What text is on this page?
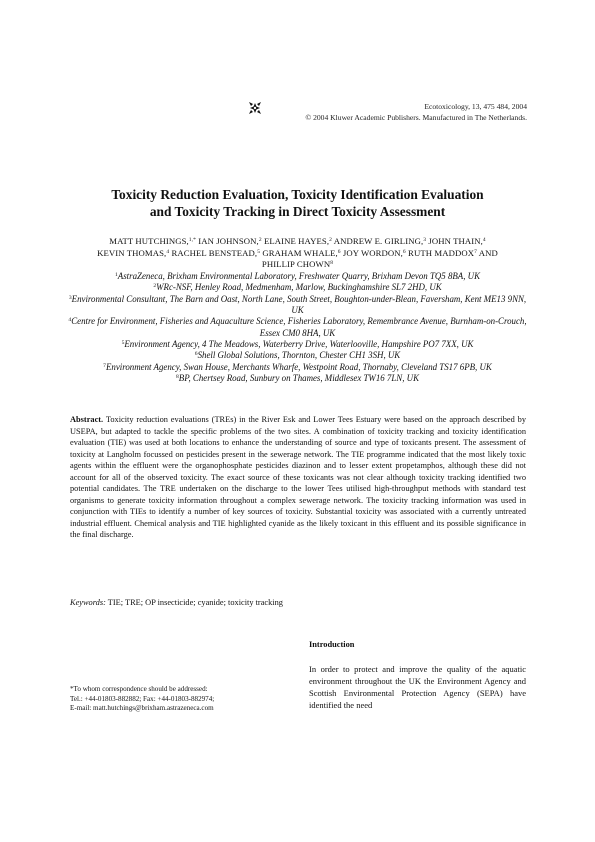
Ecotoxicology, 13, 475 484, 2004
© 2004 Kluwer Academic Publishers. Manufactured in The Netherlands.
Toxicity Reduction Evaluation, Toxicity Identification Evaluation
and Toxicity Tracking in Direct Toxicity Assessment
MATT HUTCHINGS,$^{1,*}$ IAN JOHNSON,$^2$ ELAINE HAYES,$^2$ ANDREW E. GIRLING,$^3$ JOHN THAIN,$^4$
KEVIN THOMAS,$^4$ RACHEL BENSTEAD,$^5$ GRAHAM WHALE,$^6$ JOY WORDON,$^6$ RUTH MADDOX$^7$ AND
PHILLIP CHOWN$^8$
$^1$AstraZeneca, Brixham Environmental Laboratory, Freshwater Quarry, Brixham Devon TQ5 8BA, UK
$^2$WRc-NSF, Henley Road, Medmenham, Marlow, Buckinghamshire SL7 2HD, UK
$^3$Environmental Consultant, The Barn and Oast, North Lane, South Street, Boughton-under-Blean, Faversham, Kent ME13 9NN, UK
$^4$Centre for Environment, Fisheries and Aquaculture Science, Fisheries Laboratory, Remembrance Avenue, Burnham-on-Crouch, Essex CM0 8HA, UK
$^5$Environment Agency, 4 The Meadows, Waterberry Drive, Waterlooville, Hampshire PO7 7XX, UK
$^6$Shell Global Solutions, Thornton, Chester CH1 3SH, UK
$^7$Environment Agency, Swan House, Merchants Wharfe, Westpoint Road, Thornaby, Cleveland TS17 6PB, UK
$^8$BP, Chertsey Road, Sunbury on Thames, Middlesex TW16 7LN, UK

Abstract. Toxicity reduction evaluations (TREs) in the River Esk and Lower Tees Estuary were based on the approach described by USEPA, but adapted to tackle the specific problems of the two sites. A combination of toxicity tracking and toxicity identification evaluation (TIE) was used at both locations to enhance the understanding of source and type of toxicants present. The assessment of toxicity at Langholm focussed on pesticides present in the sewerage network. The TIE programme indicated that the most likely toxic agents within the effluent were the organophosphate pesticides diazinon and to lesser extent propetamphos, although these did not account for all of the observed toxicity. The exact source of these toxicants was not clear although toxicity tracking identified two potential candidates. The TRE undertaken on the discharge to the lower Tees utilised high-throughput methods with standard test organisms to generate toxicity information throughout a complex sewerage network. The toxicity tracking information was used in conjunction with TIEs to identify a number of key sources of toxicity. Substantial toxicity was associated with a currently untreated industrial effluent. Chemical analysis and TIE highlighted cyanide as the likely toxicant in this effluent and its possible significance in the final discharge.

Keywords: TIE; TRE; OP insecticide; cyanide; toxicity tracking
Introduction

In order to protect and improve the quality of the aquatic environment throughout the UK the Environment Agency and Scottish Environmental Protection Agency (SEPA) have identified the need

*To whom correspondence should be addressed:
Tel.: +44-01803-882882; Fax: +44-01803-882974;
E-mail: matt.hutchings@brixham.astrazeneca.com
